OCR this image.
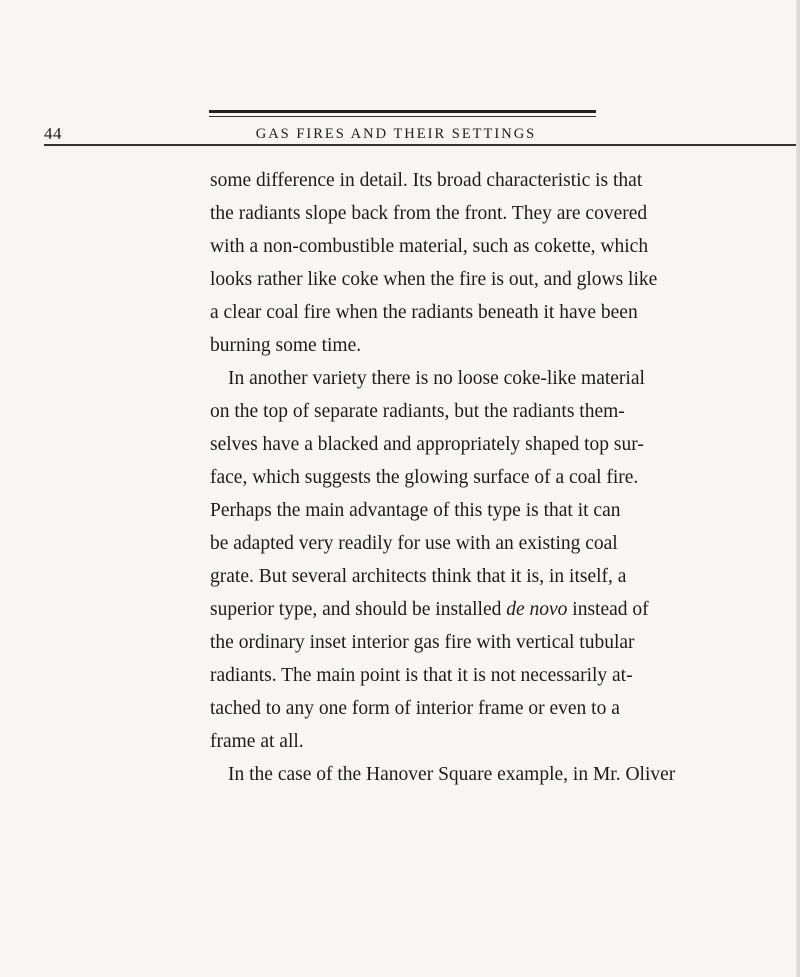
44	GAS FIRES AND THEIR SETTINGS
some difference in detail. Its broad characteristic is that
the radiants slope back from the front. They are covered
with a non-combustible material, such as cokette, which
looks rather like coke when the fire is out, and glows like
a clear coal fire when the radiants beneath it have been
burning some time.
In another variety there is no loose coke-like material
on the top of separate radiants, but the radiants them-
selves have a blacked and appropriately shaped top sur-
face, which suggests the glowing surface of a coal fire.
Perhaps the main advantage of this type is that it can
be adapted very readily for use with an existing coal
grate. But several architects think that it is, in itself, a
superior type, and should be installed de novo instead of
the ordinary inset interior gas fire with vertical tubular
radiants. The main point is that it is not necessarily at-
tached to any one form of interior frame or even to a
frame at all.
In the case of the Hanover Square example, in Mr. Oliver
